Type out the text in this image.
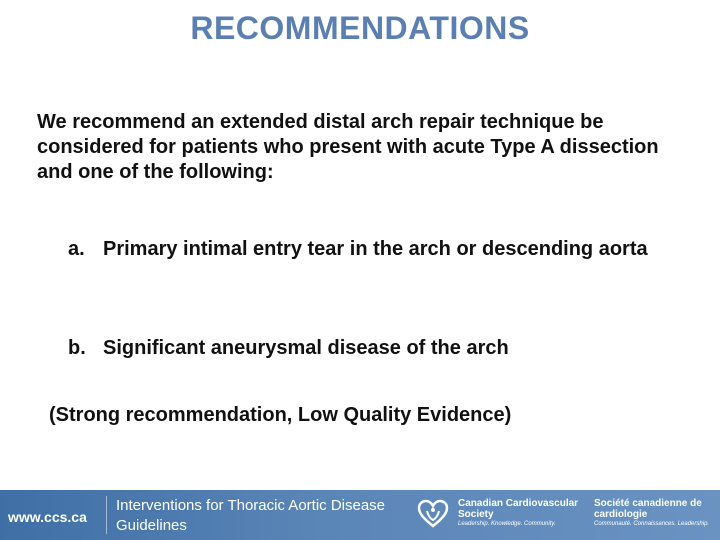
RECOMMENDATIONS
We recommend an extended distal arch repair technique be considered for patients who present with acute Type A dissection and one of the following:
a. Primary intimal entry tear in the arch or descending aorta
b. Significant aneurysmal disease of the arch
(Strong recommendation, Low Quality Evidence)
www.ccs.ca
Interventions for Thoracic Aortic Disease Guidelines
Canadian Cardiovascular Society
Leadership. Knowledge. Community.
Société canadienne de cardiologie
Communauté. Connaissances. Leadership.
